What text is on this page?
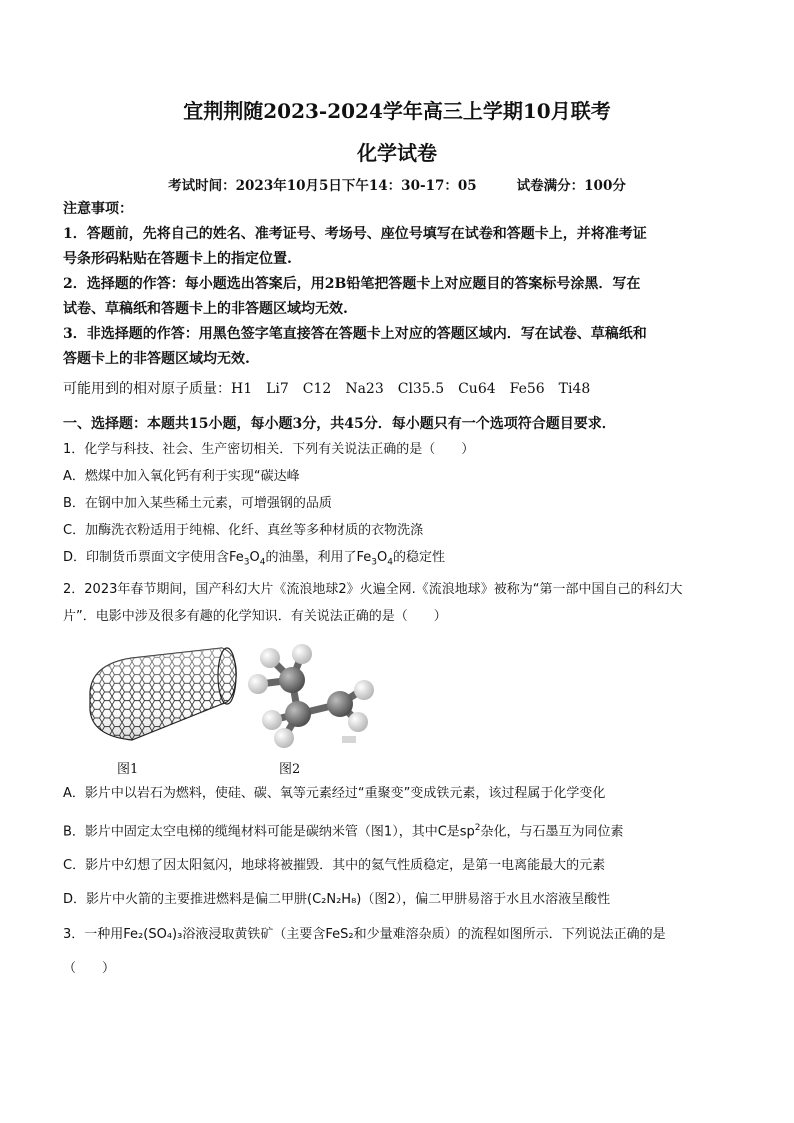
宜荆荆随2023-2024学年高三上学期10月联考
化学试卷
考试时间：2023年10月5日下午14：30-17：05	试卷满分：100分
注意事项：
1．答题前，先将自己的姓名、准考证号、考场号、座位号填写在试卷和答题卡上，并将准考证
号条形码粘贴在答题卡上的指定位置.
2．选择题的作答：每小题选出答案后，用2B铅笔把答题卡上对应题目的答案标号涂黑．写在
试卷、草稿纸和答题卡上的非答题区域均无效.
3．非选择题的作答：用黑色签字笔直接答在答题卡上对应的答题区域内．写在试卷、草稿纸和
答题卡上的非答题区域均无效.
可能用到的相对原子质量：H1　Li7　C12　Na23　Cl35.5　Cu64　Fe56　Ti48
一、选择题：本题共15小题，每小题3分，共45分．每小题只有一个选项符合题目要求．
1．化学与科技、社会、生产密切相关．下列有关说法正确的是（　　）
A．燃煤中加入氧化钙有利于实现“碳达峰
B．在钢中加入某些稀土元素，可增强钢的品质
C．加酶洗衣粉适用于纯棉、化纤、真丝等多种材质的衣物洗涤
D．印制货币票面文字使用含$Fe_3O_4$的油墨，利用了$Fe_3O_4$的稳定性
2．2023年春节期间，国产科幻大片《流浪地球2》火遍全网.《流浪地球》被称为“第一部中国自己的科幻大
片”．电影中涉及很多有趣的化学知识．有关说法正确的是（　　）
图1	图2
A．影片中以岩石为燃料，使硅、碳、氧等元素经过“重聚变”变成铁元素，该过程属于化学变化
B．影片中固定太空电梯的缆绳材料可能是碳纳米管（图1），其中C是$sp^2$杂化，与石墨互为同位素
C．影片中幻想了因太阳氦闪，地球将被摧毁．其中的氦气性质稳定，是第一电离能最大的元素
D．影片中火箭的主要推进燃料是偏二甲肼(C₂N₂H₈)（图2），偏二甲肼易溶于水且水溶液呈酸性
3．一种用Fe₂(SO₄)₃浴液浸取黄铁矿（主要含FeS₂和少量难溶杂质）的流程如图所示．下列说法正确的是
（　　）
